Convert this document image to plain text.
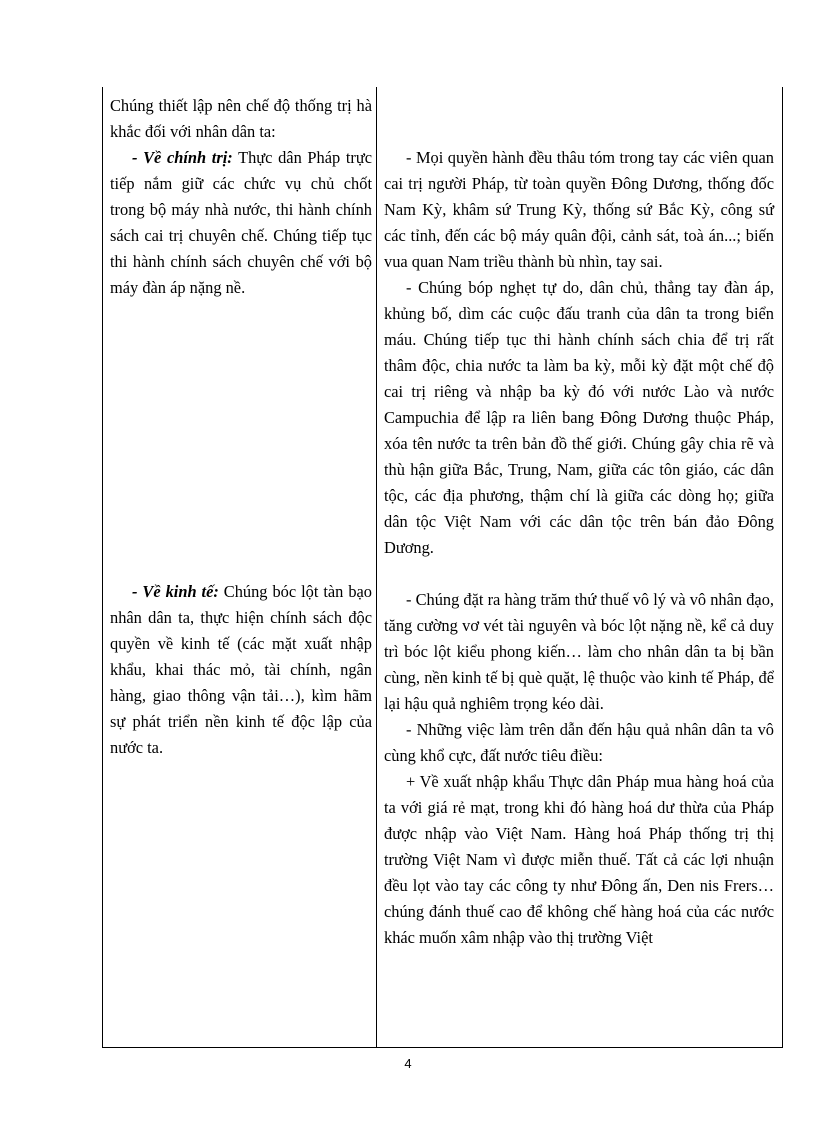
Chúng thiết lập nên chế độ thống trị hà khắc đối với nhân dân ta:

- Về chính trị: Thực dân Pháp trực tiếp nắm giữ các chức vụ chủ chốt trong bộ máy nhà nước, thi hành chính sách cai trị chuyên chế. Chúng tiếp tục thi hành chính sách chuyên chế với bộ máy đàn áp nặng nề.

- Về kinh tế: Chúng bóc lột tàn bạo nhân dân ta, thực hiện chính sách độc quyền về kinh tế (các mặt xuất nhập khẩu, khai thác mỏ, tài chính, ngân hàng, giao thông vận tải…), kìm hãm sự phát triển nền kinh tế độc lập của nước ta.

- Mọi quyền hành đều thâu tóm trong tay các viên quan cai trị người Pháp, từ toàn quyền Đông Dương, thống đốc Nam Kỳ, khâm sứ Trung Kỳ, thống sứ Bắc Kỳ, công sứ các tỉnh, đến các bộ máy quân đội, cảnh sát, toà án...; biến vua quan Nam triều thành bù nhìn, tay sai.

- Chúng bóp nghẹt tự do, dân chủ, thẳng tay đàn áp, khủng bố, dìm các cuộc đấu tranh của dân ta trong biển máu. Chúng tiếp tục thi hành chính sách chia để trị rất thâm độc, chia nước ta làm ba kỳ, mỗi kỳ đặt một chế độ cai trị riêng và nhập ba kỳ đó với nước Lào và nước Campuchia để lập ra liên bang Đông Dương thuộc Pháp, xóa tên nước ta trên bản đồ thế giới. Chúng gây chia rẽ và thù hận giữa Bắc, Trung, Nam, giữa các tôn giáo, các dân tộc, các địa phương, thậm chí là giữa các dòng họ; giữa dân tộc Việt Nam với các dân tộc trên bán đảo Đông Dương.

- Chúng đặt ra hàng trăm thứ thuế vô lý và vô nhân đạo, tăng cường vơ vét tài nguyên và bóc lột nặng nề, kể cả duy trì bóc lột kiểu phong kiến… làm cho nhân dân ta bị bần cùng, nền kinh tế bị què quặt, lệ thuộc vào kinh tế Pháp, để lại hậu quả nghiêm trọng kéo dài.

- Những việc làm trên dẫn đến hậu quả nhân dân ta vô cùng khổ cực, đất nước tiêu điều:

+ Về xuất nhập khẩu Thực dân Pháp mua hàng hoá của ta với giá rẻ mạt, trong khi đó hàng hoá dư thừa của Pháp được nhập vào Việt Nam. Hàng hoá Pháp thống trị thị trường Việt Nam vì được miễn thuế. Tất cả các lợi nhuận đều lọt vào tay các công ty như Đông ấn, Den nis Frers… chúng đánh thuế cao để không chế hàng hoá của các nước khác muốn xâm nhập vào thị trường Việt

4
